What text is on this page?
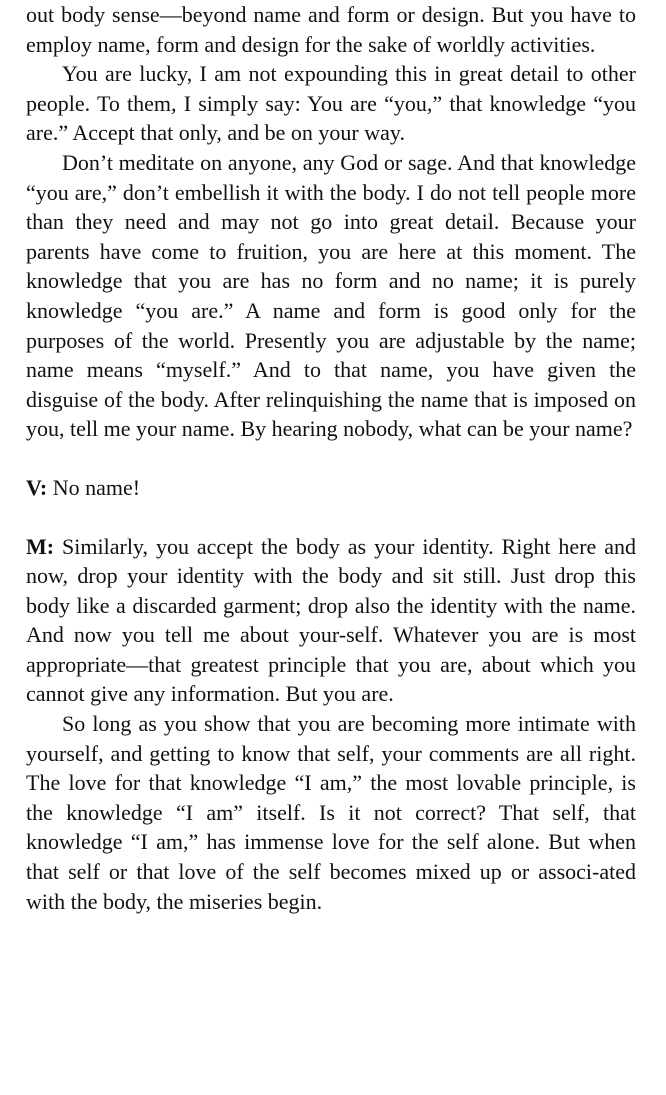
out body sense—beyond name and form or design. But you have to employ name, form and design for the sake of worldly activities.

You are lucky, I am not expounding this in great detail to other people. To them, I simply say: You are “you,” that knowledge “you are.” Accept that only, and be on your way.

Don’t meditate on anyone, any God or sage. And that knowledge “you are,” don’t embellish it with the body. I do not tell people more than they need and may not go into great detail. Because your parents have come to fruition, you are here at this moment. The knowledge that you are has no form and no name; it is purely knowledge “you are.” A name and form is good only for the purposes of the world. Presently you are adjustable by the name; name means “myself.” And to that name, you have given the disguise of the body. After relinquishing the name that is imposed on you, tell me your name. By hearing nobody, what can be your name?

V: No name!

M: Similarly, you accept the body as your identity. Right here and now, drop your identity with the body and sit still. Just drop this body like a discarded garment; drop also the identity with the name. And now you tell me about your-self. Whatever you are is most appropriate—that greatest principle that you are, about which you cannot give any information. But you are.

So long as you show that you are becoming more intimate with yourself, and getting to know that self, your comments are all right. The love for that knowledge “I am,” the most lovable principle, is the knowledge “I am” itself. Is it not correct? That self, that knowledge “I am,” has immense love for the self alone. But when that self or that love of the self becomes mixed up or associ-ated with the body, the miseries begin.
